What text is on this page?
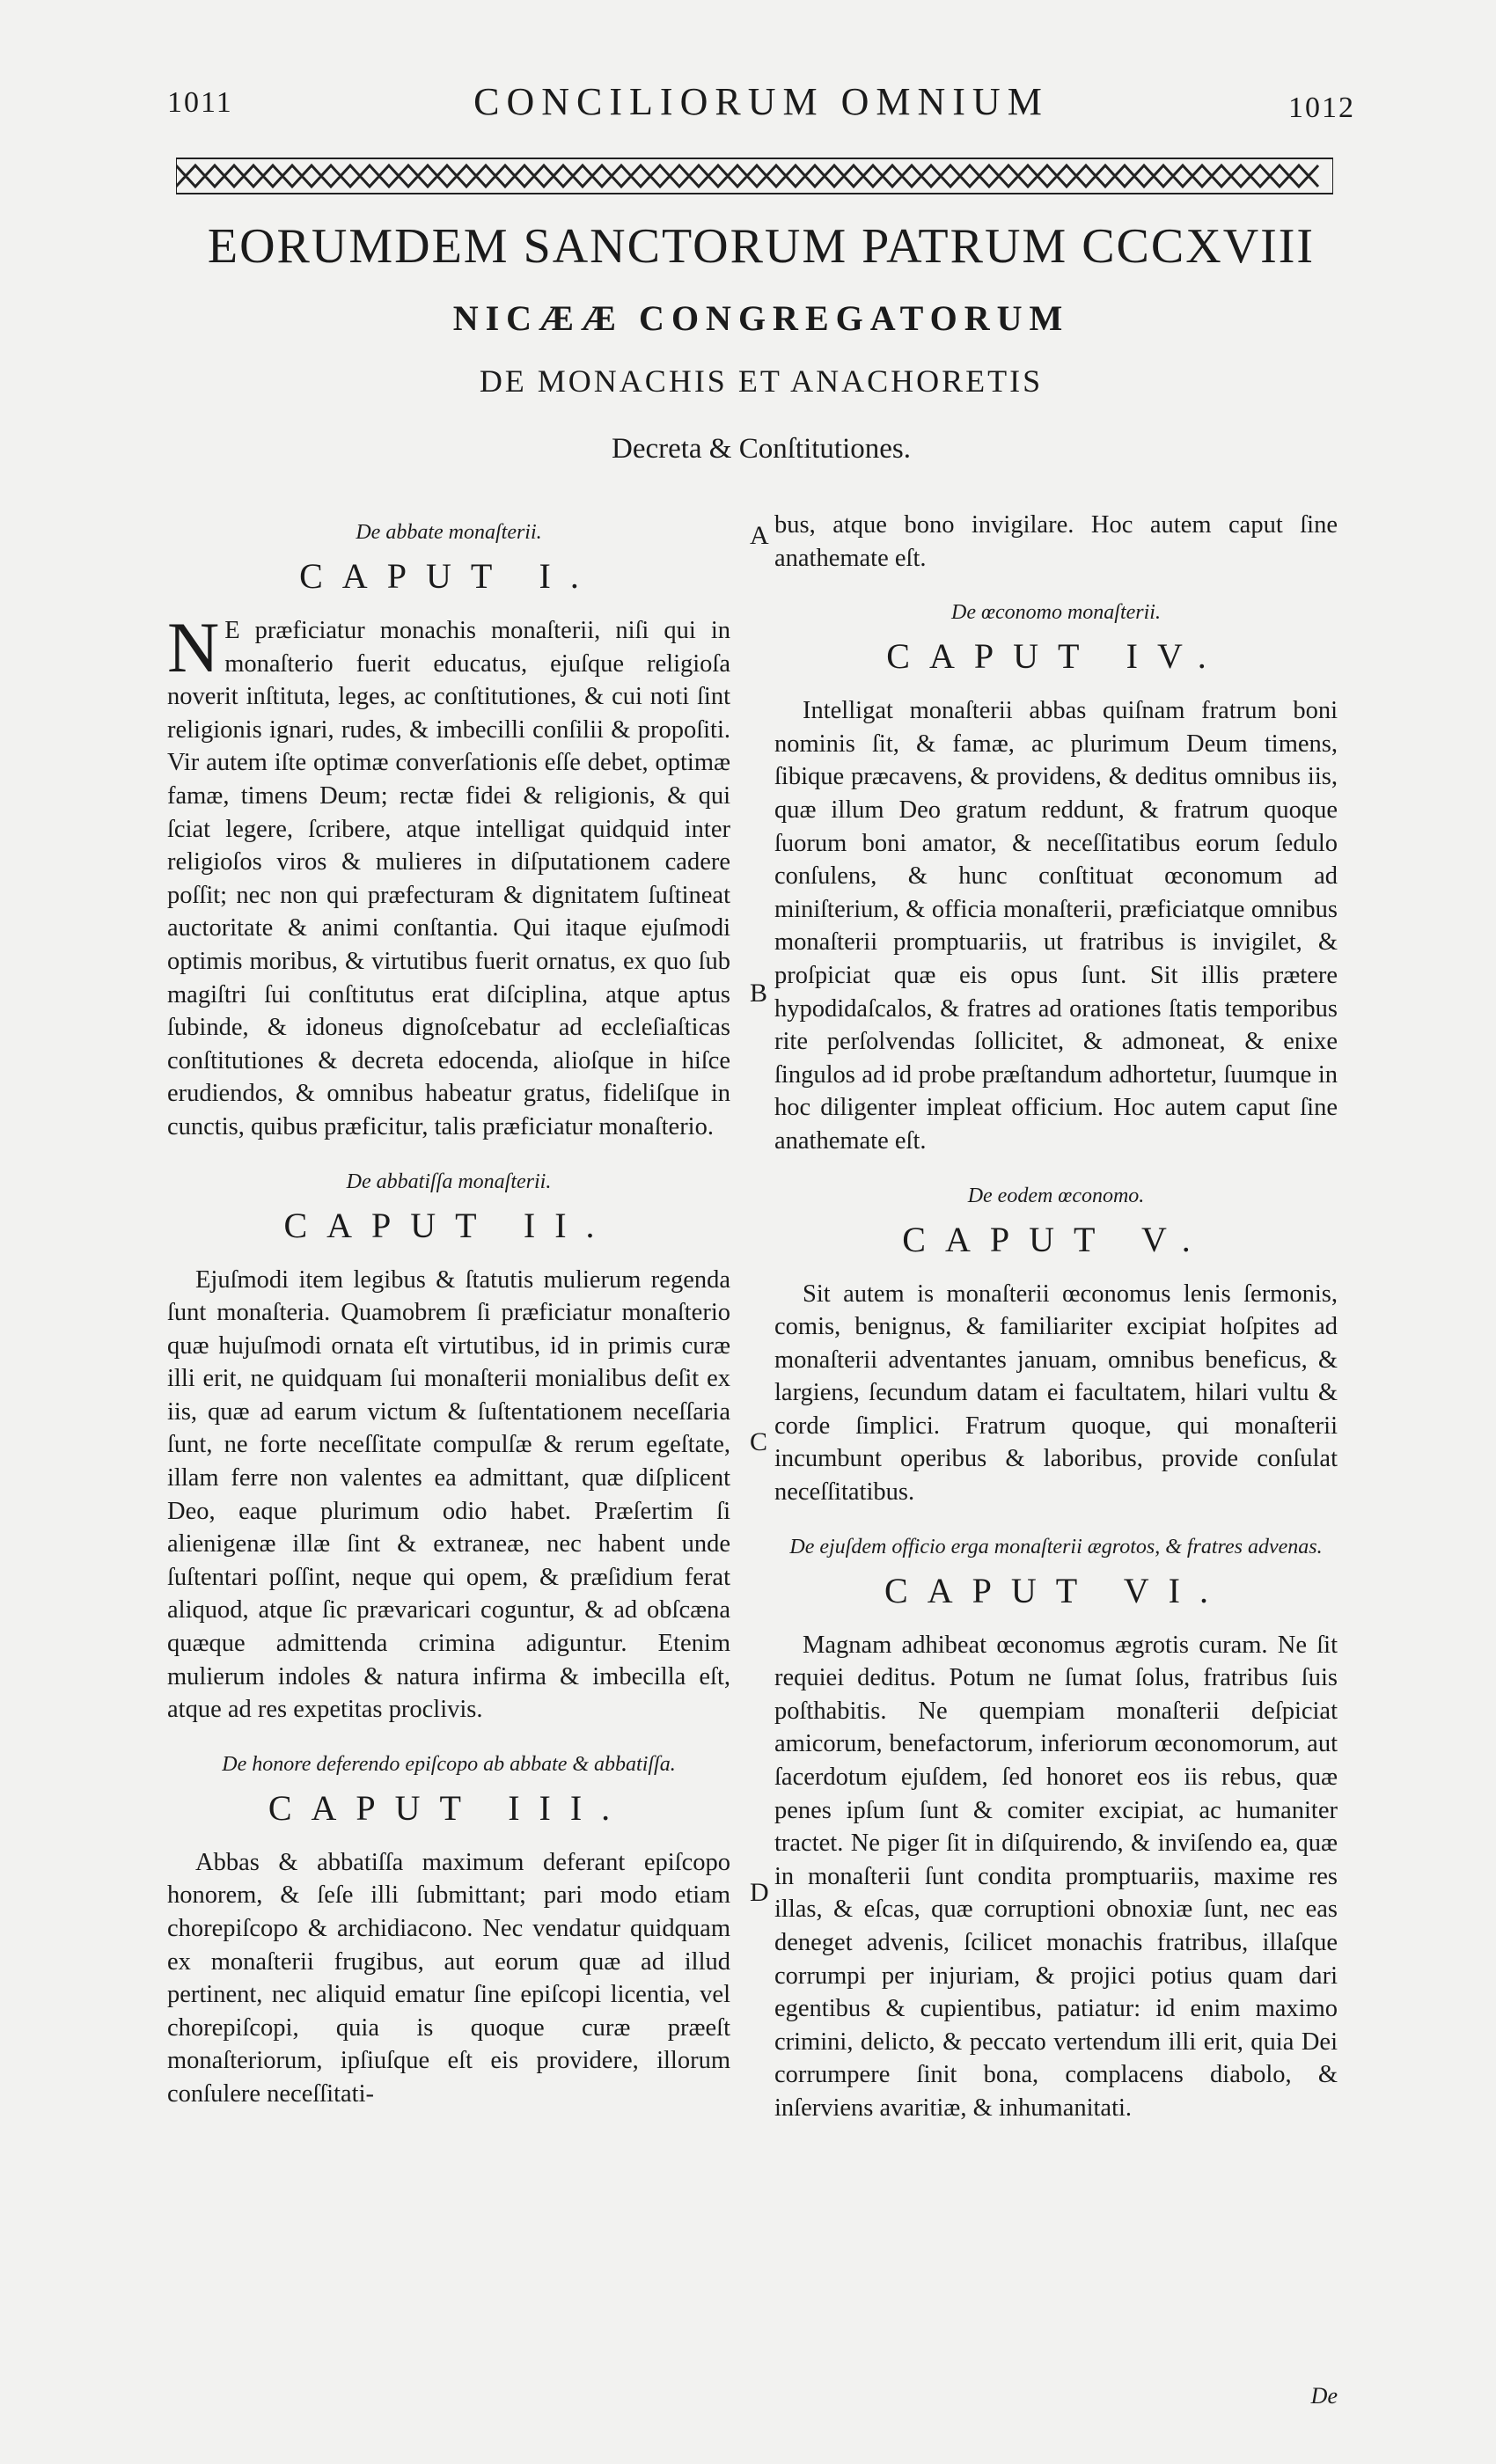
1011	CONCILIORUM OMNIUM	1012
EORUMDEM SANCTORUM PATRUM CCCXVIII
NICÆÆ CONGREGATORUM
DE MONACHIS ET ANACHORETIS
Decreta & Conſtitutiones.
De abbate monaſterii.
CAPUT I.

N E præficiatur monachis monaſterii, niſi qui in monaſterio fuerit educatus, ejuſque religioſa noverit inſtituta, leges, ac conſtitutiones, & cui noti ſint religionis ignari, rudes, & imbecilli conſilii & propoſiti. Vir autem iſte optimæ converſationis eſſe debet, optimæ famæ, timens Deum; rectæ fidei & religionis, & qui ſciat legere, ſcribere, atque intelligat quidquid inter religioſos viros & mulieres in diſputationem cadere poſſit; nec non qui præfecturam & dignitatem ſuſtineat auctoritate & animi conſtantia. Qui itaque ejuſmodi optimis moribus, & virtutibus fuerit ornatus, ex quo ſub magiſtri ſui conſtitutus erat diſciplina, atque aptus ſubinde, & idoneus dignoſcebatur ad eccleſiaſticas conſtitutiones & decreta edocenda, alioſque in hiſce erudiendos, & omnibus habeatur gratus, fideliſque in cunctis, quibus præficitur, talis præficiatur monaſterio.

De abbatiſſa monaſterii.
CAPUT II.

Ejuſmodi item legibus & ſtatutis mulierum regenda ſunt monaſteria. Quamobrem ſi præficiatur monaſterio quæ hujuſmodi ornata eſt virtutibus, id in primis curæ illi erit, ne quidquam ſui monaſterii monialibus deſit ex iis, quæ ad earum victum & ſuſtentationem neceſſaria ſunt, ne forte neceſſitate compulſæ & rerum egeſtate, illam ferre non valentes ea admittant, quæ diſplicent Deo, eaque plurimum odio habet. Præſertim ſi alienigenæ illæ ſint & extraneæ, nec habent unde ſuſtentari poſſint, neque qui opem, & præſidium ferat aliquod, atque ſic prævaricari coguntur, & ad obſcæna quæque admittenda crimina adiguntur. Etenim mulierum indoles & natura infirma & imbecilla eſt, atque ad res expetitas proclivis.

De honore deferendo epiſcopo ab abbate & abbatiſſa.
CAPUT III.

Abbas & abbatiſſa maximum deferant epiſcopo honorem, & ſeſe illi ſubmittant; pari modo etiam chorepiſcopo & archidiacono. Nec vendatur quidquam ex monaſterii frugibus, aut eorum quæ ad illud pertinent, nec aliquid ematur ſine epiſcopi licentia, vel chorepiſcopi, quia is quoque curæ præeſt monaſteriorum, ipſiuſque eſt eis providere, illorum conſulere neceſſitati-

bus, atque bono invigilare. Hoc autem caput ſine anathemate eſt.

De œconomo monaſterii.
CAPUT IV.

Intelligat monaſterii abbas quiſnam fratrum boni nominis ſit, & famæ, ac plurimum Deum timens, ſibique præcavens, & providens, & deditus omnibus iis, quæ illum Deo gratum reddunt, & fratrum quoque ſuorum boni amator, & neceſſitatibus eorum ſedulo conſulens, & hunc conſtituat œconomum ad miniſterium, & officia monaſterii, præficiatque omnibus monaſterii promptuariis, ut fratribus is invigilet, & proſpiciat quæ eis opus ſunt. Sit illis prætere hypodidaſcalos, & fratres ad orationes ſtatis temporibus rite perſolvendas ſollicitet, & admoneat, & enixe ſingulos ad id probe præſtandum adhortetur, ſuumque in hoc diligenter impleat officium. Hoc autem caput ſine anathemate eſt.

De eodem œconomo.
CAPUT V.

Sit autem is monaſterii œconomus lenis ſermonis, comis, benignus, & familiariter excipiat hoſpites ad monaſterii adventantes januam, omnibus beneficus, & largiens, ſecundum datam ei facultatem, hilari vultu & corde ſimplici. Fratrum quoque, qui monaſterii incumbunt operibus & laboribus, provide conſulat neceſſitatibus.

De ejuſdem officio erga monaſterii ægrotos, & fratres advenas.
CAPUT VI.

Magnam adhibeat œconomus ægrotis curam. Ne ſit requiei deditus. Potum ne ſumat ſolus, fratribus ſuis poſthabitis. Ne quempiam monaſterii deſpiciat amicorum, benefactorum, inferiorum œconomorum, aut ſacerdotum ejuſdem, ſed honoret eos iis rebus, quæ penes ipſum ſunt & comiter excipiat, ac humaniter tractet. Ne piger ſit in diſquirendo, & inviſendo ea, quæ in monaſterii ſunt condita promptuariis, maxime res illas, & eſcas, quæ corruptioni obnoxiæ ſunt, nec eas deneget advenis, ſcilicet monachis fratribus, illaſque corrumpi per injuriam, & projici potius quam dari egentibus & cupientibus, patiatur: id enim maximo crimini, delicto, & peccato vertendum illi erit, quia Dei corrumpere ſinit bona, complacens diabolo, & inſerviens avaritiæ, & inhumanitati.

De
A
B
C
D
